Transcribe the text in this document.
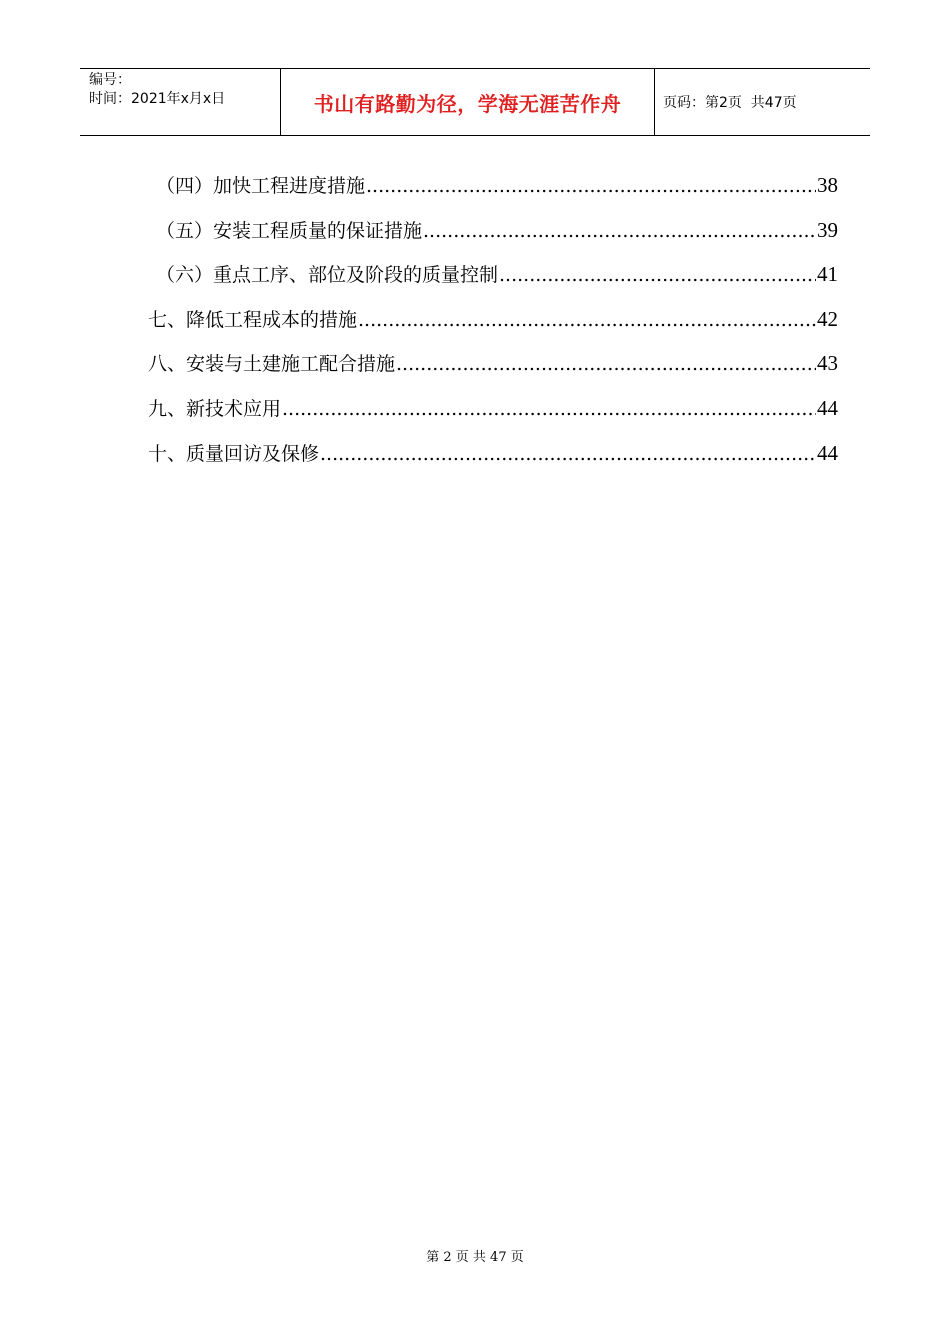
编号：
时间：2021年x月x日	书山有路勤为径，学海无涯苦作舟	页码：第2页  共47页
（四）加快工程进度措施 .....	38
（五）安装工程质量的保证措施 .....	39
（六）重点工序、部位及阶段的质量控制 .....	41
七、降低工程成本的措施 .....	42
八、安装与土建施工配合措施 .....	43
九、新技术应用 .....	44
十、质量回访及保修 .....	44
第 2 页 共 47 页
